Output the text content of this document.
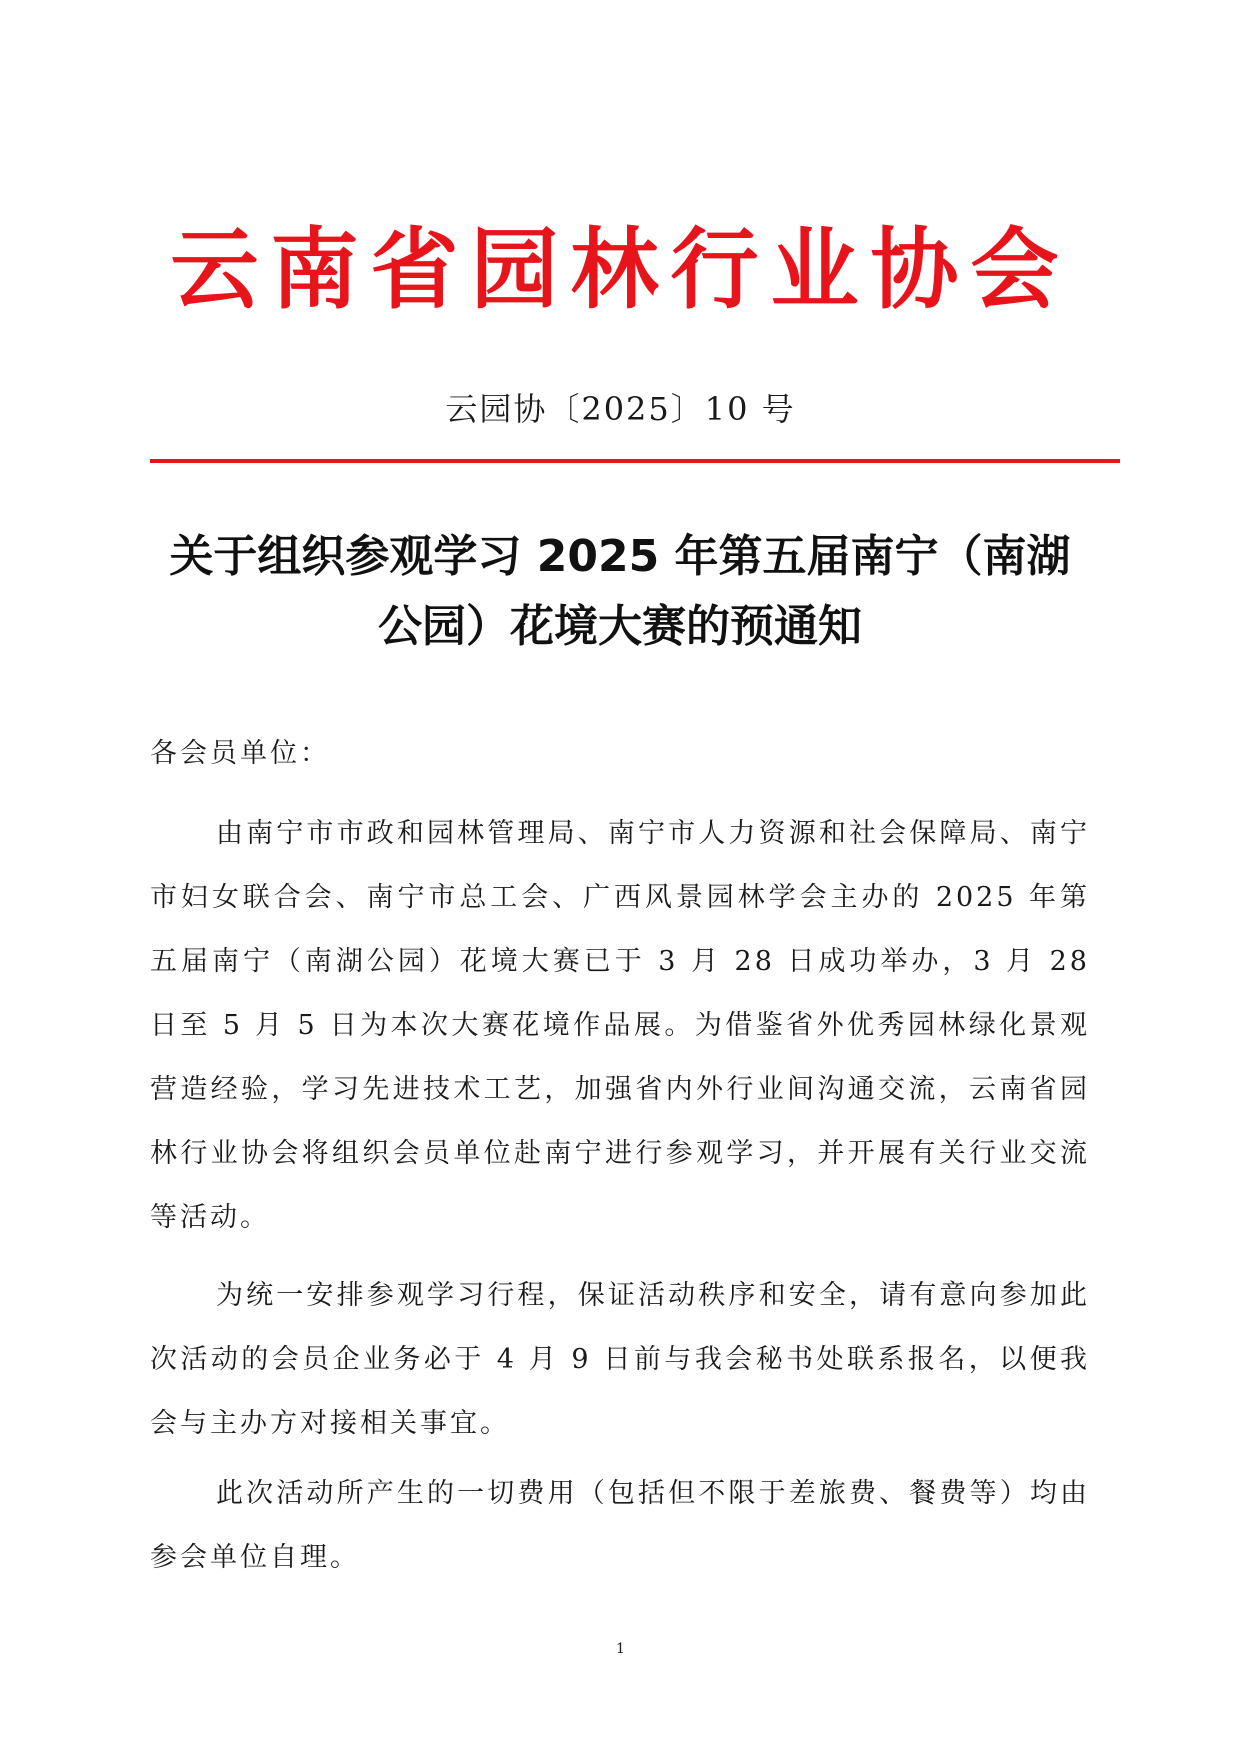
云南省园林行业协会
云园协〔2025〕10 号
关于组织参观学习 2025 年第五届南宁（南湖公园）花境大赛的预通知
各会员单位：

由南宁市市政和园林管理局、南宁市人力资源和社会保障局、南宁市妇女联合会、南宁市总工会、广西风景园林学会主办的 2025 年第五届南宁（南湖公园）花境大赛已于 3 月 28 日成功举办，3 月 28 日至 5 月 5 日为本次大赛花境作品展。为借鉴省外优秀园林绿化景观营造经验，学习先进技术工艺，加强省内外行业间沟通交流，云南省园林行业协会将组织会员单位赴南宁进行参观学习，并开展有关行业交流等活动。

为统一安排参观学习行程，保证活动秩序和安全，请有意向参加此次活动的会员企业务必于 4 月 9 日前与我会秘书处联系报名，以便我会与主办方对接相关事宜。

此次活动所产生的一切费用（包括但不限于差旅费、餐费等）均由参会单位自理。

1
